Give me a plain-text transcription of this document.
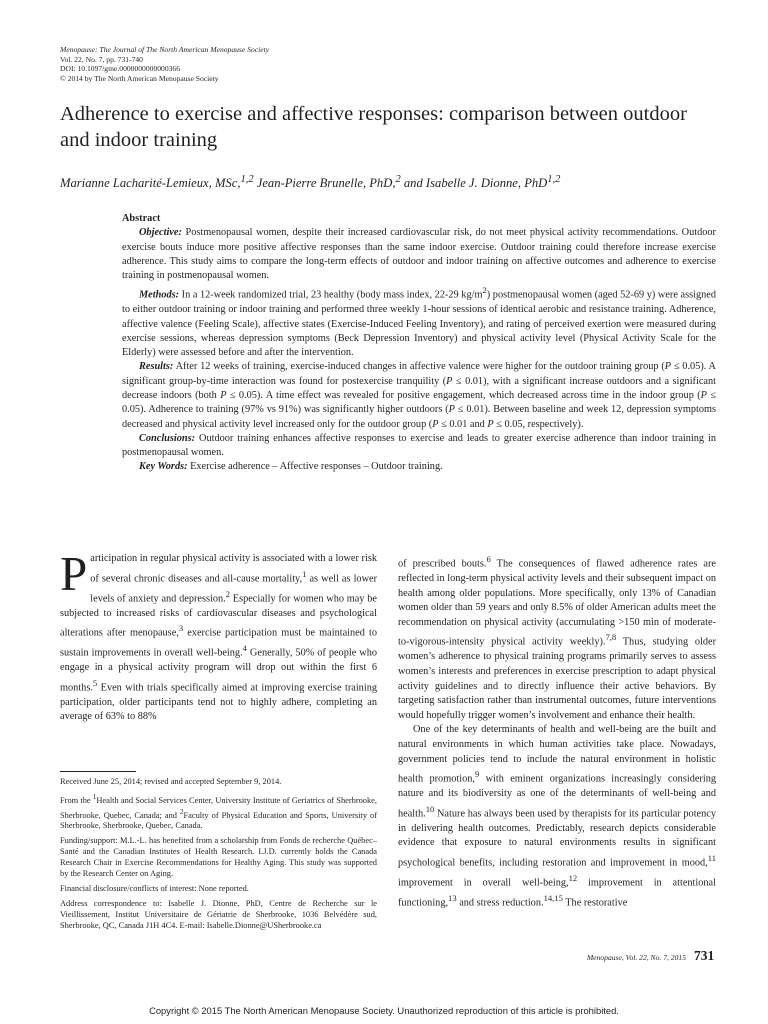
Menopause: The Journal of The North American Menopause Society
Vol. 22, No. 7, pp. 731-740
DOI: 10.1097/gme.0000000000000366
© 2014 by The North American Menopause Society
Adherence to exercise and affective responses: comparison between outdoor and indoor training
Marianne Lacharité-Lemieux, MSc,$^{1,2}$ Jean-Pierre Brunelle, PhD,$^2$ and Isabelle J. Dionne, PhD$^{1,2}$
Abstract

Objective: Postmenopausal women, despite their increased cardiovascular risk, do not meet physical activity recommendations. Outdoor exercise bouts induce more positive affective responses than the same indoor exercise. Outdoor training could therefore increase exercise adherence. This study aims to compare the long-term effects of outdoor and indoor training on affective outcomes and adherence to exercise training in postmenopausal women.

Methods: In a 12-week randomized trial, 23 healthy (body mass index, 22-29 $kg/m^2$) postmenopausal women (aged 52-69 y) were assigned to either outdoor training or indoor training and performed three weekly 1-hour sessions of identical aerobic and resistance training. Adherence, affective valence (Feeling Scale), affective states (Exercise-Induced Feeling Inventory), and rating of perceived exertion were measured during exercise sessions, whereas depression symptoms (Beck Depression Inventory) and physical activity level (Physical Activity Scale for the Elderly) were assessed before and after the intervention.

Results: After 12 weeks of training, exercise-induced changes in affective valence were higher for the outdoor training group (P ≤ 0.05). A significant group-by-time interaction was found for postexercise tranquility (P ≤ 0.01), with a significant increase outdoors and a significant decrease indoors (both P ≤ 0.05). A time effect was revealed for positive engagement, which decreased across time in the indoor group (P ≤ 0.05). Adherence to training (97% vs 91%) was significantly higher outdoors (P ≤ 0.01). Between baseline and week 12, depression symptoms decreased and physical activity level increased only for the outdoor group (P ≤ 0.01 and P ≤ 0.05, respectively).

Conclusions: Outdoor training enhances affective responses to exercise and leads to greater exercise adherence than indoor training in postmenopausal women.

Key Words: Exercise adherence – Affective responses – Outdoor training.

Participation in regular physical activity is associated with a lower risk of several chronic diseases and all-cause mortality,$^1$ as well as lower levels of anxiety and depression.$^2$ Especially for women who may be subjected to increased risks of cardiovascular diseases and psychological alterations after menopause,$^3$ exercise participation must be maintained to sustain improvements in overall well-being.$^4$ Generally, 50% of people who engage in a physical activity program will drop out within the first 6 months.$^5$ Even with trials specifically aimed at improving exercise training participation, older participants tend not to highly adhere, completing an average of 63% to 88%

Received June 25, 2014; revised and accepted September 9, 2014.

From the $^1$Health and Social Services Center, University Institute of Geriatrics of Sherbrooke, Sherbrooke, Quebec, Canada; and $^2$Faculty of Physical Education and Sports, University of Sherbrooke, Sherbrooke, Quebec, Canada.

Funding/support: M.L.-L. has benefited from a scholarship from Fonds de recherche Québec–Santé and the Canadian Institutes of Health Research. I.J.D. currently holds the Canada Research Chair in Exercise Recommendations for Healthy Aging. This study was supported by the Research Center on Aging.

Financial disclosure/conflicts of interest: None reported.

Address correspondence to: Isabelle J. Dionne, PhD, Centre de Recherche sur le Vieillissement, Institut Universitaire de Gériatrie de Sherbrooke, 1036 Belvédère sud, Sherbrooke, QC, Canada J1H 4C4. E-mail: Isabelle.Dionne@USherbrooke.ca

of prescribed bouts.$^6$ The consequences of flawed adherence rates are reflected in long-term physical activity levels and their subsequent impact on health among older populations. More specifically, only 13% of Canadian women older than 59 years and only 8.5% of older American adults meet the recommendation on physical activity (accumulating >150 min of moderate-to-vigorous-intensity physical activity weekly).$^{7,8}$ Thus, studying older women’s adherence to physical training programs primarily serves to assess women’s interests and preferences in exercise prescription to adapt physical activity guidelines and to directly influence their active behaviors. By targeting satisfaction rather than instrumental outcomes, future interventions would hopefully trigger women’s involvement and enhance their health.

One of the key determinants of health and well-being are the built and natural environments in which human activities take place. Nowadays, government policies tend to include the natural environment in holistic health promotion,$^9$ with eminent organizations increasingly considering nature and its biodiversity as one of the determinants of well-being and health.$^{10}$ Nature has always been used by therapists for its particular potency in delivering health outcomes. Predictably, research depicts considerable evidence that exposure to natural environments results in significant psychological benefits, including restoration and improvement in mood,$^{11}$ improvement in overall well-being,$^{12}$ improvement in attentional functioning,$^{13}$ and stress reduction.$^{14,15}$ The restorative

Menopause, Vol. 22, No. 7, 2015 731
Copyright © 2015 The North American Menopause Society. Unauthorized reproduction of this article is prohibited.
